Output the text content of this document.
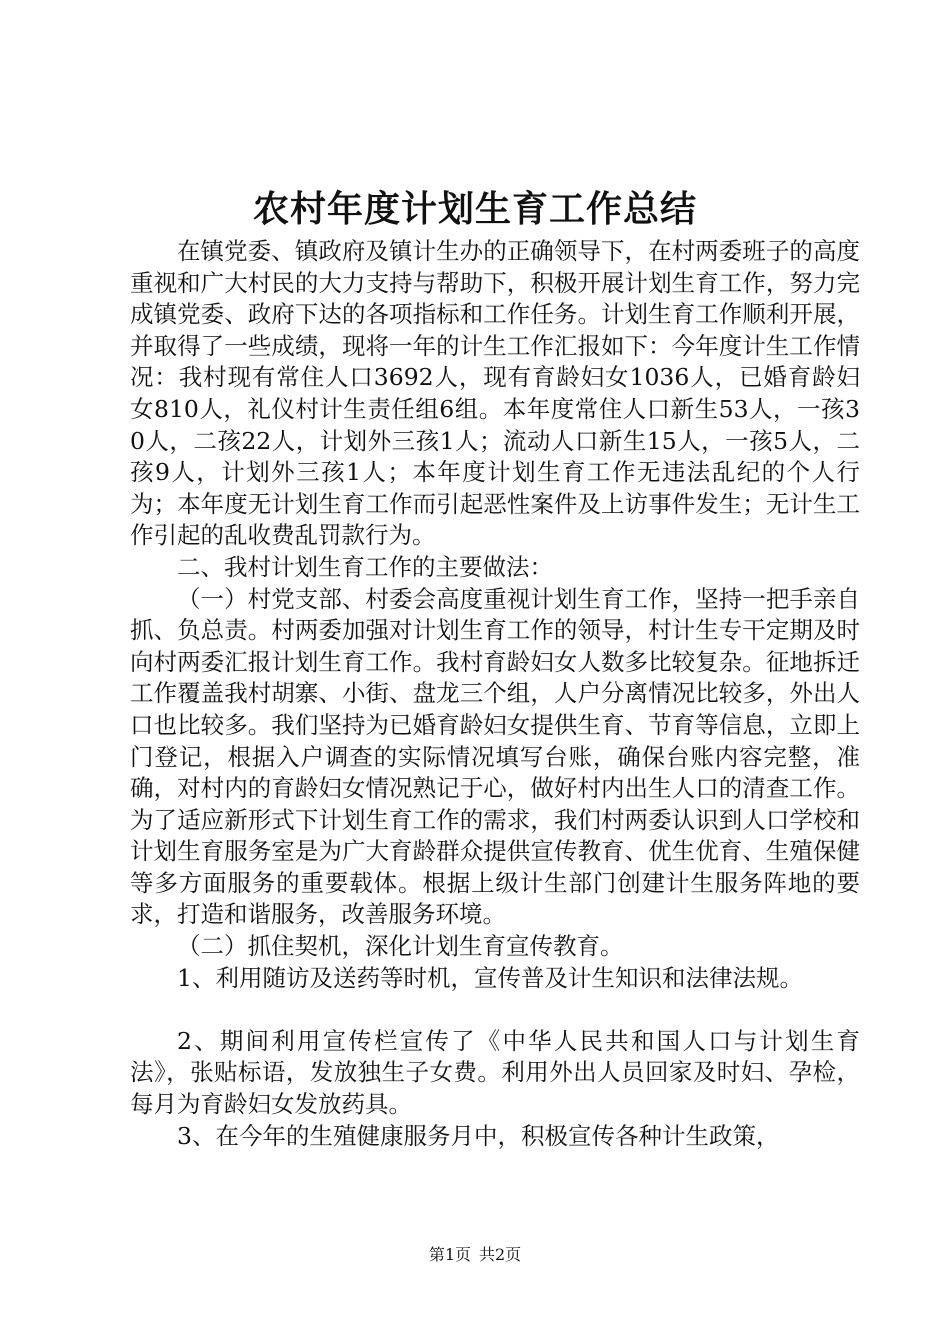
农村年度计划生育工作总结

在镇党委、镇政府及镇计生办的正确领导下，在村两委班子的高度重视和广大村民的大力支持与帮助下，积极开展计划生育工作，努力完成镇党委、政府下达的各项指标和工作任务。计划生育工作顺利开展，并取得了一些成绩，现将一年的计生工作汇报如下：今年度计生工作情况：我村现有常住人口3692人，现有育龄妇女1036人，已婚育龄妇女810人，礼仪村计生责任组6组。本年度常住人口新生53人，一孩30人，二孩22人，计划外三孩1人；流动人口新生15人，一孩5人，二孩9人，计划外三孩1人；本年度计划生育工作无违法乱纪的个人行为；本年度无计划生育工作而引起恶性案件及上访事件发生；无计生工作引起的乱收费乱罚款行为。

二、我村计划生育工作的主要做法：

（一）村党支部、村委会高度重视计划生育工作，坚持一把手亲自抓、负总责。村两委加强对计划生育工作的领导，村计生专干定期及时向村两委汇报计划生育工作。我村育龄妇女人数多比较复杂。征地拆迁工作覆盖我村胡寨、小街、盘龙三个组，人户分离情况比较多，外出人口也比较多。我们坚持为已婚育龄妇女提供生育、节育等信息，立即上门登记，根据入户调查的实际情况填写台账，确保台账内容完整，准确，对村内的育龄妇女情况熟记于心，做好村内出生人口的清查工作。为了适应新形式下计划生育工作的需求，我们村两委认识到人口学校和计划生育服务室是为广大育龄群众提供宣传教育、优生优育、生殖保健等多方面服务的重要载体。根据上级计生部门创建计生服务阵地的要求，打造和谐服务，改善服务环境。

（二）抓住契机，深化计划生育宣传教育。

1、利用随访及送药等时机，宣传普及计生知识和法律法规。

2、期间利用宣传栏宣传了《中华人民共和国人口与计划生育法》，张贴标语，发放独生子女费。利用外出人员回家及时妇、孕检，每月为育龄妇女发放药具。

3、在今年的生殖健康服务月中，积极宣传各种计生政策，

第1页 共2页
